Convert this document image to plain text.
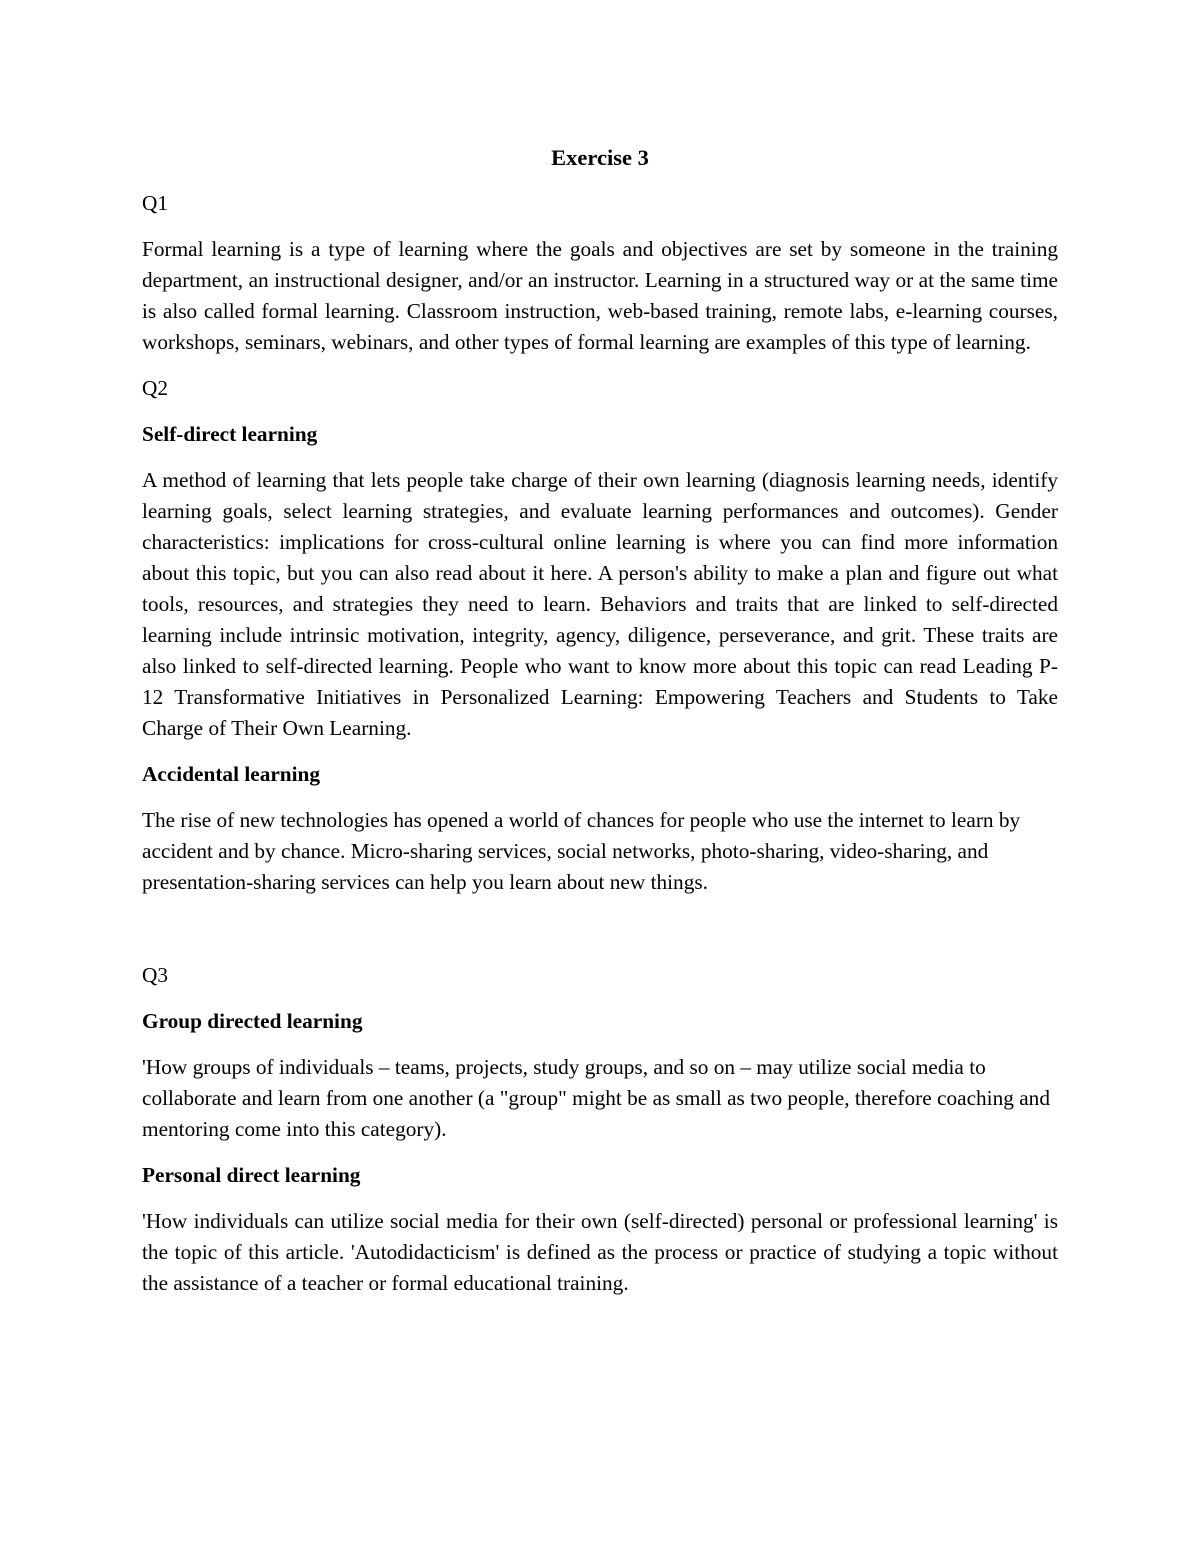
Exercise 3
Q1
Formal learning is a type of learning where the goals and objectives are set by someone in the training department, an instructional designer, and/or an instructor. Learning in a structured way or at the same time is also called formal learning. Classroom instruction, web-based training, remote labs, e-learning courses, workshops, seminars, webinars, and other types of formal learning are examples of this type of learning.
Q2
Self-direct learning
A method of learning that lets people take charge of their own learning (diagnosis learning needs, identify learning goals, select learning strategies, and evaluate learning performances and outcomes). Gender characteristics: implications for cross-cultural online learning is where you can find more information about this topic, but you can also read about it here. A person's ability to make a plan and figure out what tools, resources, and strategies they need to learn. Behaviors and traits that are linked to self-directed learning include intrinsic motivation, integrity, agency, diligence, perseverance, and grit. These traits are also linked to self-directed learning. People who want to know more about this topic can read Leading P-12 Transformative Initiatives in Personalized Learning: Empowering Teachers and Students to Take Charge of Their Own Learning.
Accidental learning
The rise of new technologies has opened a world of chances for people who use the internet to learn by accident and by chance. Micro-sharing services, social networks, photo-sharing, video-sharing, and presentation-sharing services can help you learn about new things.
Q3
Group directed learning
'How groups of individuals – teams, projects, study groups, and so on – may utilize social media to collaborate and learn from one another (a "group" might be as small as two people, therefore coaching and mentoring come into this category).
Personal direct learning
'How individuals can utilize social media for their own (self-directed) personal or professional learning' is the topic of this article. 'Autodidacticism' is defined as the process or practice of studying a topic without the assistance of a teacher or formal educational training.
